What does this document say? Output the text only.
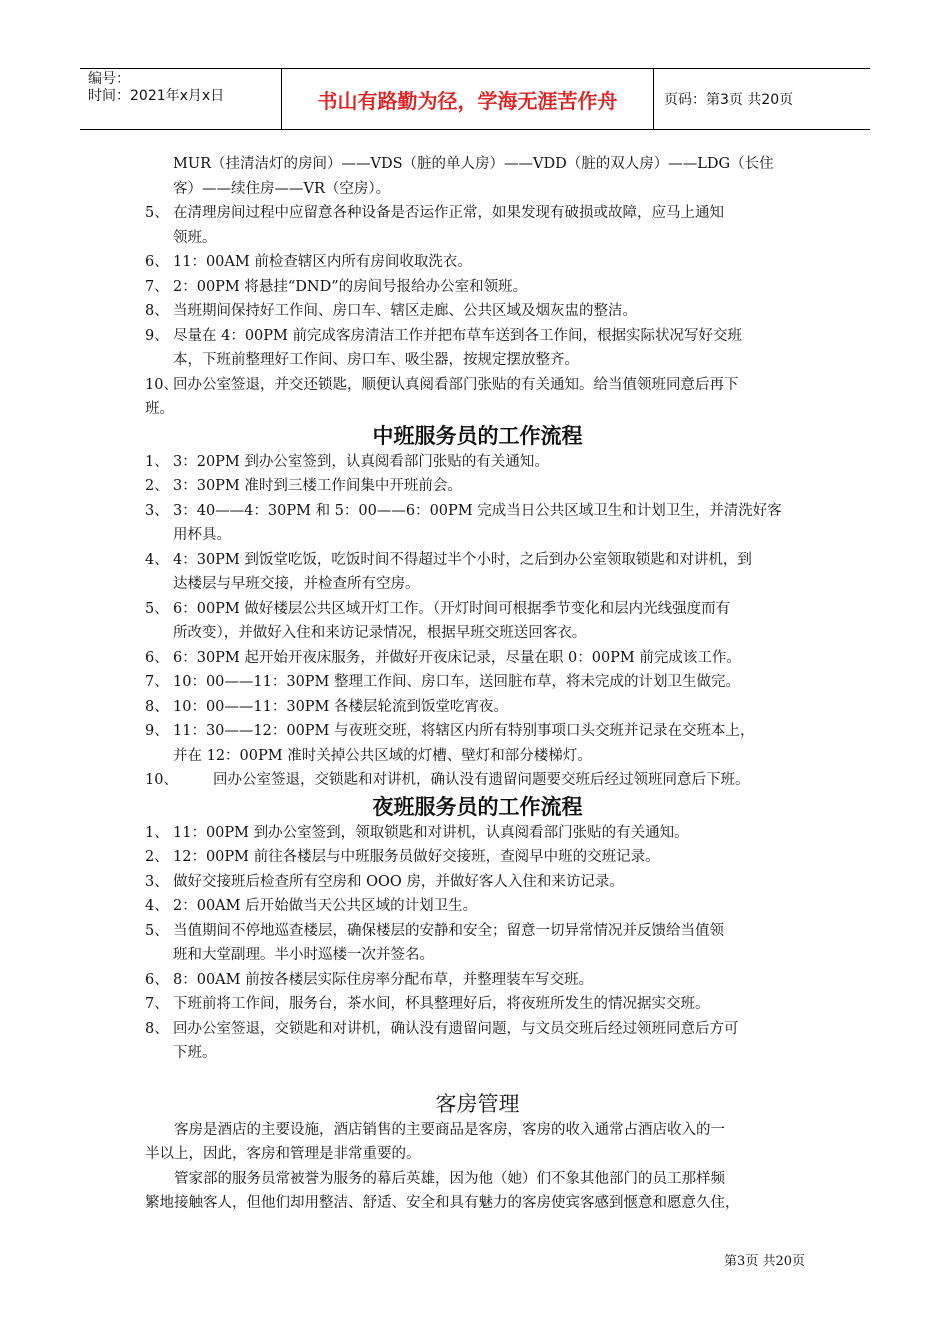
编号：
时间：2021年x月x日	书山有路勤为径，学海无涯苦作舟	页码：第3页 共20页

MUR（挂清洁灯的房间）——VDS（脏的单人房）——VDD（脏的双人房）——LDG（长住

客）——续住房——VR（空房）。

5、 在清理房间过程中应留意各种设备是否运作正常，如果发现有破损或故障，应马上通知
领班。
6、 11：00AM 前检查辖区内所有房间收取洗衣。
7、 2：00PM 将悬挂“DND”的房间号报给办公室和领班。
8、 当班期间保持好工作间、房口车、辖区走廊、公共区域及烟灰盅的整洁。
9、 尽量在 4：00PM 前完成客房清洁工作并把布草车送到各工作间，根据实际状况写好交班
本，下班前整理好工作间、房口车、吸尘器，按规定摆放整齐。
10、
回办公室签退，并交还锁匙，顺便认真阅看部门张贴的有关通知。给当值领班同意后再下

班。

中班服务员的工作流程
1、 3：20PM 到办公室签到，认真阅看部门张贴的有关通知。
2、 3：30PM 准时到三楼工作间集中开班前会。
3、 3：40——4：30PM 和 5：00——6：00PM 完成当日公共区域卫生和计划卫生，并清洗好客
用杯具。
4、 4：30PM 到饭堂吃饭，吃饭时间不得超过半个小时，之后到办公室领取锁匙和对讲机，到
达楼层与早班交接，并检查所有空房。
5、 6：00PM 做好楼层公共区域开灯工作。（开灯时间可根据季节变化和层内光线强度而有
所改变），并做好入住和来访记录情况，根据早班交班送回客衣。
6、 6：30PM 起开始开夜床服务，并做好开夜床记录，尽量在职 0：00PM 前完成该工作。
7、 10：00——11：30PM 整理工作间、房口车，送回脏布草，将未完成的计划卫生做完。
8、 10：00——11：30PM 各楼层轮流到饭堂吃宵夜。
9、 11：30——12：00PM 与夜班交班，将辖区内所有特别事项口头交班并记录在交班本上，
并在 12：00PM 准时关掉公共区域的灯槽、壁灯和部分楼梯灯。
10、	回办公室签退，交锁匙和对讲机，确认没有遗留问题要交班后经过领班同意后下班。
夜班服务员的工作流程
1、 11：00PM 到办公室签到，领取锁匙和对讲机，认真阅看部门张贴的有关通知。
2、 12：00PM 前往各楼层与中班服务员做好交接班，查阅早中班的交班记录。
3、 做好交接班后检查所有空房和 OOO 房，并做好客人入住和来访记录。
4、 2：00AM 后开始做当天公共区域的计划卫生。
5、 当值期间不停地巡查楼层，确保楼层的安静和安全；留意一切异常情况并反馈给当值领
班和大堂副理。半小时巡楼一次并签名。
6、 8：00AM 前按各楼层实际住房率分配布草，并整理装车写交班。
7、 下班前将工作间，服务台，茶水间，杯具整理好后，将夜班所发生的情况据实交班。
8、 回办公室签退，交锁匙和对讲机，确认没有遗留问题，与文员交班后经过领班同意后方可
下班。
客房管理

客房是酒店的主要设施，酒店销售的主要商品是客房，客房的收入通常占酒店收入的一

半以上，因此，客房和管理是非常重要的。

管家部的服务员常被誉为服务的幕后英雄，因为他（她）们不象其他部门的员工那样频

繁地接触客人，但他们却用整洁、舒适、安全和具有魅力的客房使宾客感到惬意和愿意久住，

第3页 共20页
